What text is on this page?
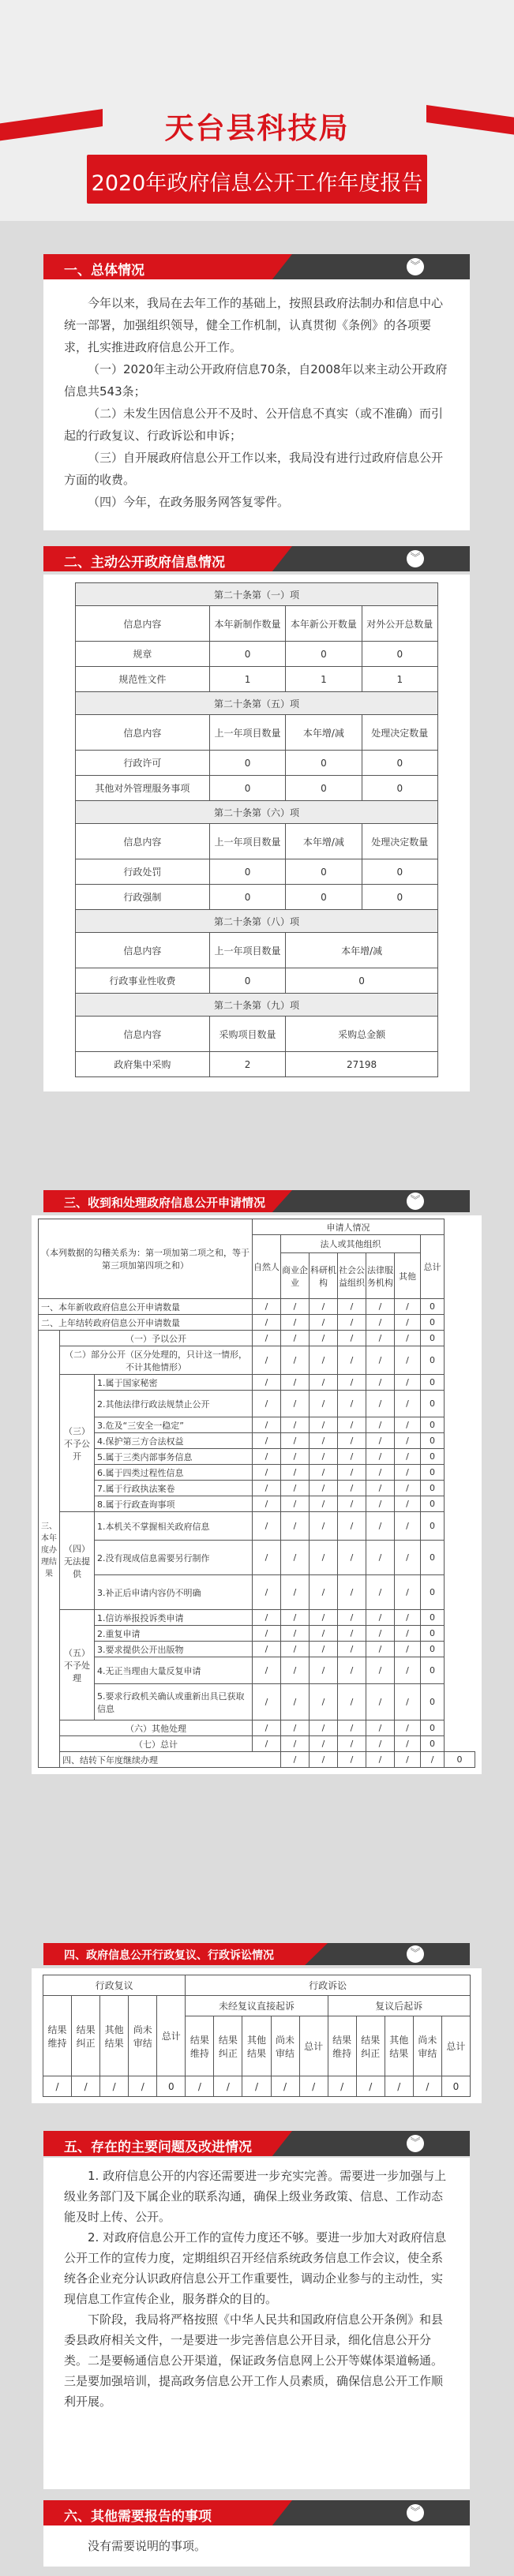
天台县科技局
2020年政府信息公开工作年度报告
一、总体情况	︾

今年以来，我局在去年工作的基础上，按照县政府法制办和信息中心统一部署，加强组织领导，健全工作机制，认真贯彻《条例》的各项要求，扎实推进政府信息公开工作。

（一）2020年主动公开政府信息70条，自2008年以来主动公开政府信息共543条；

（二）未发生因信息公开不及时、公开信息不真实（或不准确）而引起的行政复议、行政诉讼和申诉；

（三）自开展政府信息公开工作以来，我局没有进行过政府信息公开方面的收费。

（四）今年，在政务服务网答复零件。

二、主动公开政府信息情况	︾
第二十条第（一）项			
信息内容	本年新制作数量	本年新公开数量	对外公开总数量
规章	0	0	0
规范性文件	1	1	1
第二十条第（五）项			
信息内容	上一年项目数量	本年增/减	处理决定数量
行政许可	0	0	0
其他对外管理服务事项	0	0	0
第二十条第（六）项			
信息内容	上一年项目数量	本年增/减	处理决定数量
行政处罚	0	0	0
行政强制	0	0	0
第二十条第（八）项			
信息内容	上一年项目数量	本年增/减	
行政事业性收费	0	0	
第二十条第（九）项			
信息内容	采购项目数量	采购总金额	
政府集中采购	2	27198	
三、收到和处理政府信息公开申请情况	︾
（本列数据的勾稽关系为：第一项加第二项之和，等于第三项加第四项之和）			申请人情况							
			自然人	法人或其他组织					总计	
				商业企业	科研机构	社会公益组织	法律服务机构	其他		
一、本年新收政府信息公开申请数量			/	/	/	/	/	/	0	
二、上年结转政府信息公开申请数量			/	/	/	/	/	/	0	
三、本年度办理结果	（一）予以公开		/	/	/	/	/	/	0	
	（二）部分公开（区分处理的，只计这一情形，不计其他情形）		/	/	/	/	/	/	0	
	（三）不予公开	1.属于国家秘密	/	/	/	/	/	/	0	
		2.其他法律行政法规禁止公开	/	/	/	/	/	/	0	
		3.危及“三安全一稳定”	/	/	/	/	/	/	0	
		4.保护第三方合法权益	/	/	/	/	/	/	0	
		5.属于三类内部事务信息	/	/	/	/	/	/	0	
		6.属于四类过程性信息	/	/	/	/	/	/	0	
		7.属于行政执法案卷	/	/	/	/	/	/	0	
		8.属于行政查询事项	/	/	/	/	/	/	0	
	（四）无法提供	1.本机关不掌握相关政府信息	/	/	/	/	/	/	0	
		2.没有现成信息需要另行制作	/	/	/	/	/	/	0	
		3.补正后申请内容仍不明确	/	/	/	/	/	/	0	
	（五）不予处理	1.信访举报投诉类申请	/	/	/	/	/	/	0	
		2.重复申请	/	/	/	/	/	/	0	
		3.要求提供公开出版物	/	/	/	/	/	/	0	
		4.无正当理由大量反复申请	/	/	/	/	/	/	0	
		5.要求行政机关确认或重新出具已获取信息	/	/	/	/	/	/	0	
	（六）其他处理		/	/	/	/	/	/	0	
	（七）总计		/	/	/	/	/	/	0	
	四、结转下年度继续办理			/	/	/	/	/	/	0
四、政府信息公开行政复议、行政诉讼情况	︾
行政复议					行政诉讼									
结果维持	结果纠正	其他结果	尚未审结	总计	未经复议直接起诉					复议后起诉				
					结果维持	结果纠正	其他结果	尚未审结	总计	结果维持	结果纠正	其他结果	尚未审结	总计
/	/	/	/	0	/	/	/	/	/	/	/	/	/	0
五、存在的主要问题及改进情况	︾

1. 政府信息公开的内容还需要进一步充实完善。需要进一步加强与上级业务部门及下属企业的联系沟通，确保上级业务政策、信息、工作动态能及时上传、公开。

2. 对政府信息公开工作的宣传力度还不够。要进一步加大对政府信息公开工作的宣传力度，定期组织召开经信系统政务信息工作会议，使全系统各企业充分认识政府信息公开工作重要性，调动企业参与的主动性，实现信息工作宣传企业，服务群众的目的。

下阶段，我局将严格按照《中华人民共和国政府信息公开条例》和县委县政府相关文件，一是要进一步完善信息公开目录，细化信息公开分类。二是要畅通信息公开渠道，保证政务信息网上公开等媒体渠道畅通。三是要加强培训，提高政务信息公开工作人员素质，确保信息公开工作顺利开展。

六、其他需要报告的事项	︾

没有需要说明的事项。
